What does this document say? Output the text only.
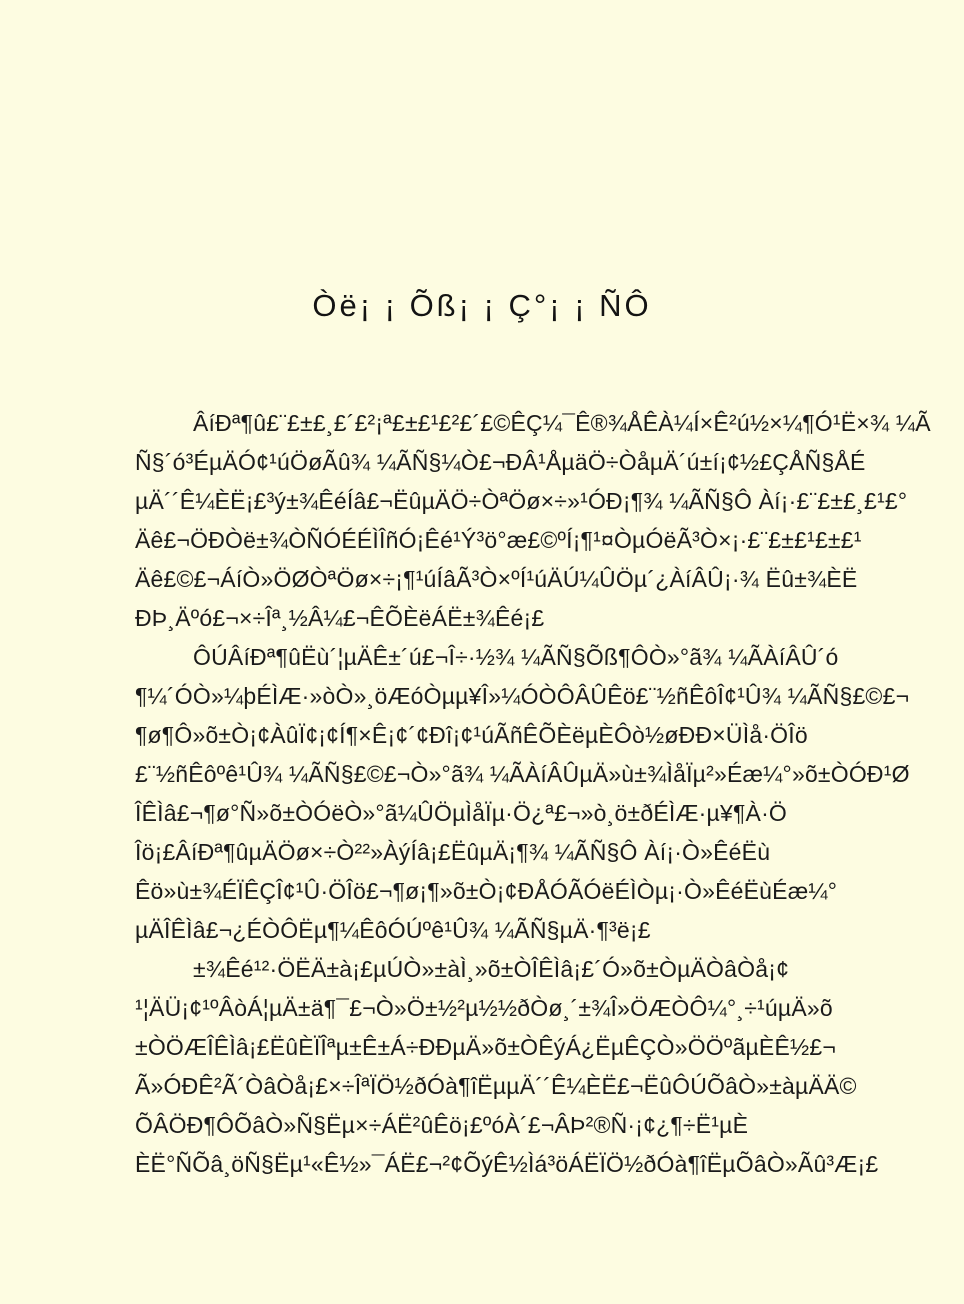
Òë¡ ¡ Õß¡ ¡ Ç°¡ ¡ ÑÔ
ÂíÐª¶û£¨£±£¸£´£²¡ª£±£¹£²£´£©ÊÇ¼¯Ê®¾ÅÊÀ¼Í×Ê²ú½×¼¶Ó¹Ë×¾ ¼Ã
Ñ§´ó³ÉµÄÓ¢¹úÖøÃû¾ ¼ÃÑ§¼Ò£¬ÐÂ¹ÅµäÖ÷ÒåµÄ´ú±í¡¢½£ÇÅÑ§ÅÉ
µÄ´´Ê¼ÈË¡£³ý±¾ÊéÍâ£¬ËûµÄÖ÷ÒªÖø×÷»¹ÓÐ¡¶¾ ¼ÃÑ§Ô Àí¡·£¨£±£¸£¹£°
Äê£¬ÖÐÒë±¾ÒÑÓÉÉÌÎñÓ¡Êé¹Ý³ö°æ£©ºÍ¡¶¹¤ÒµÓëÃ³Ò×¡·£¨£±£¹£±£¹
Äê£©£¬ÁíÒ»ÖØÒªÖø×÷¡¶¹úÍâÃ³Ò×ºÍ¹úÄÚ¼ÛÖµ´¿ÀíÂÛ¡·¾ Ëû±¾ÈË
ÐÞ¸Äºó£¬×÷Îª¸½Â¼£¬ÊÕÈëÁË±¾Êé¡£
ÔÚÂíÐª¶ûËù´¦µÄÊ±´ú£¬Î÷·½¾ ¼ÃÑ§Õß¶ÔÒ»°ã¾ ¼ÃÀíÂÛ´ó
¶¼´ÓÒ»¼þÉÌÆ·»òÒ»¸öÆóÒµµ¥Î»¼ÓÒÔÂÛÊö£¨½ñÊôÎ¢¹Û¾ ¼ÃÑ§£©£¬
¶ø¶Ô»õ±Ò¡¢ÀûÏ¢¡¢Í¶×Ê¡¢´¢Ðî¡¢¹úÃñÊÕÈëµÈÔò½øÐÐ×ÜÌå·ÖÎö
£¨½ñÊôºê¹Û¾ ¼ÃÑ§£©£¬Ò»°ã¾ ¼ÃÀíÂÛµÄ»ù±¾ÌåÏµ²»Éæ¼°»õ±ÒÓÐ¹Ø
ÎÊÌâ£¬¶ø°Ñ»õ±ÒÓëÒ»°ã¼ÛÖµÌåÏµ·Ö¿ª£¬»ò¸ö±ðÉÌÆ·µ¥¶À·Ö
Îö¡£ÂíÐª¶ûµÄÖø×÷Ò²²»ÀýÍâ¡£ËûµÄ¡¶¾ ¼ÃÑ§Ô Àí¡·Ò»ÊéËù
Êö»ù±¾ÉÏÊÇÎ¢¹Û·ÖÎö£¬¶ø¡¶»õ±Ò¡¢ÐÅÓÃÓëÉÌÒµ¡·Ò»ÊéËùÉæ¼°
µÄÎÊÌâ£¬¿ÉÒÔËµ¶¼ÊôÓÚºê¹Û¾ ¼ÃÑ§µÄ·¶³ë¡£
±¾Êé¹²·ÖËÄ±à¡£µÚÒ»±àÌ¸»õ±ÒÎÊÌâ¡£´Ó»õ±ÒµÄÒâÒå¡¢
¹¦ÄÜ¡¢¹ºÂòÁ¦µÄ±ä¶¯£¬Ò»Ö±½²µ½½ðÒø¸´±¾Î»ÖÆÒÔ¼°¸÷¹úµÄ»õ
±ÒÖÆÎÊÌâ¡£ËûÈÏÎªµ±Ê±Á÷ÐÐµÄ»õ±ÒÊýÁ¿ËµÊÇÒ»ÖÖºãµÈÊ½£¬
Ã»ÓÐÊ²Ã´ÒâÒå¡£×÷ÎªÏÖ½ðÓà¶îËµµÄ´´Ê¼ÈË£¬ËûÔÚÕâÒ»±àµÄÄ©
ÕÂÖÐ¶ÔÕâÒ»Ñ§Ëµ×÷ÁË²ûÊö¡£ºóÀ´£¬ÂÞ²®Ñ·¡¢¿¶÷Ë¹µÈ
ÈË°ÑÕâ¸öÑ§Ëµ¹«Ê½»¯ÁË£¬²¢ÕýÊ½Ìá³öÁËÏÖ½ðÓà¶îËµÕâÒ»Ãû³Æ¡£
